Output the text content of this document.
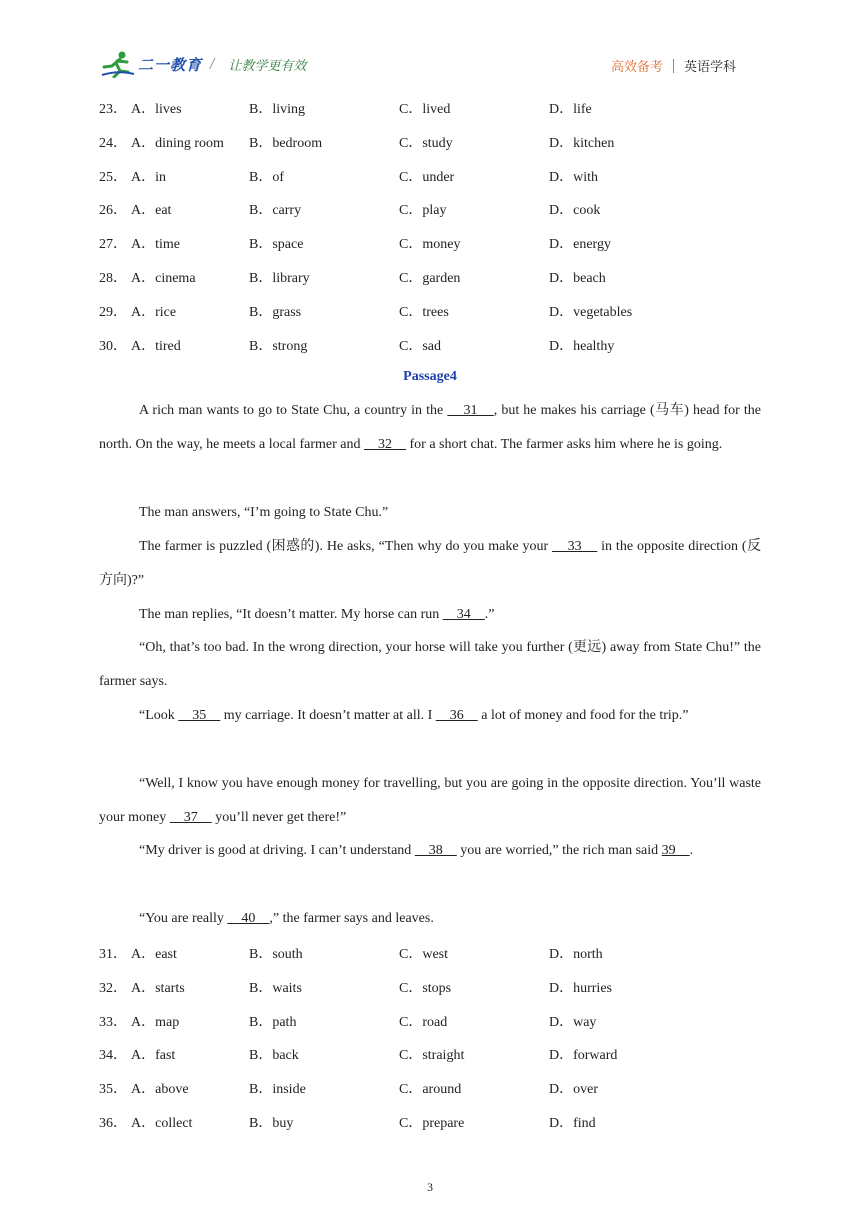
二一教育 / 让教学更有效	高效备考 英语学科
23． A．lives	B．living	C．lived	D．life
24． A．dining room B．bedroom	C．study	D．kitchen
25． A．in	B．of	C．under	D．with
26． A．eat	B．carry	C．play	D．cook
27． A．time	B．space	C．money	D．energy
28． A．cinema	B．library	C．garden	D．beach
29． A．rice	B．grass	C．trees	D．vegetables
30． A．tired	B．strong	C．sad	D．healthy
Passage4
A rich man wants to go to State Chu, a country in the     31    , but he makes his carriage (马车) head for the north. On the way, he meets a local farmer and     32     for a short chat. The farmer asks him where he is going.
The man answers, “I’m going to State Chu.”
The farmer is puzzled (困惑的). He asks, “Then why do you make your     33     in the opposite direction (反方向)?”
The man replies, “It doesn’t matter. My horse can run     34    .”
“Oh, that’s too bad. In the wrong direction, your horse will take you further (更远) away from State Chu!” the farmer says.
“Look     35     my carriage. It doesn’t matter at all. I     36     a lot of money and food for the trip.”
“Well, I know you have enough money for travelling, but you are going in the opposite direction. You’ll waste your money     37     you’ll never get there!”
“My driver is good at driving. I can’t understand     38     you are worried,” the rich man said 39    .
“You are really     40    ,” the farmer says and leaves.
31． A．east	B．south	C．west	D．north
32． A．starts	B．waits	C．stops	D．hurries
33． A．map	B．path	C．road	D．way
34． A．fast	B．back	C．straight	D．forward
35． A．above	B．inside	C．around	D．over
36． A．collect	B．buy	C．prepare	D．find
3
